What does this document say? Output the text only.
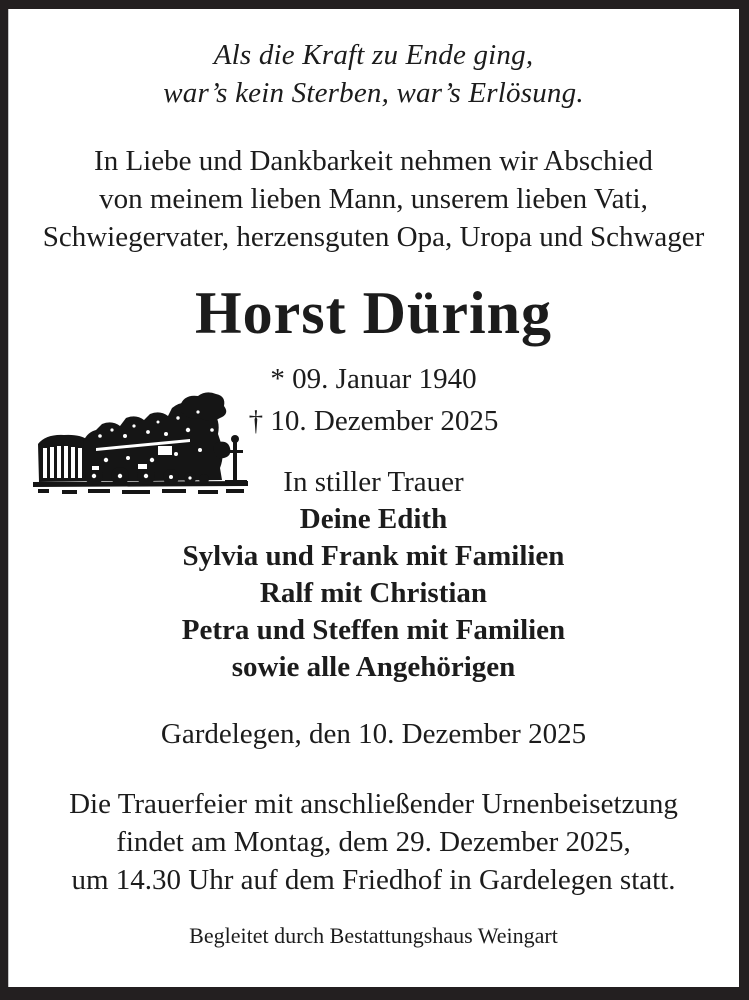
Als die Kraft zu Ende ging,
war’s kein Sterben, war’s Erlösung.
In Liebe und Dankbarkeit nehmen wir Abschied
von meinem lieben Mann, unserem lieben Vati,
Schwiegervater, herzensguten Opa, Uropa und Schwager
Horst Düring
* 09. Januar 1940
† 10. Dezember 2025
In stiller Trauer
Deine Edith
Sylvia und Frank mit Familien
Ralf mit Christian
Petra und Steffen mit Familien
sowie alle Angehörigen
Gardelegen, den 10. Dezember 2025
Die Trauerfeier mit anschließender Urnenbeisetzung
findet am Montag, dem 29. Dezember 2025,
um 14.30 Uhr auf dem Friedhof in Gardelegen statt.
Begleitet durch Bestattungshaus Weingart
